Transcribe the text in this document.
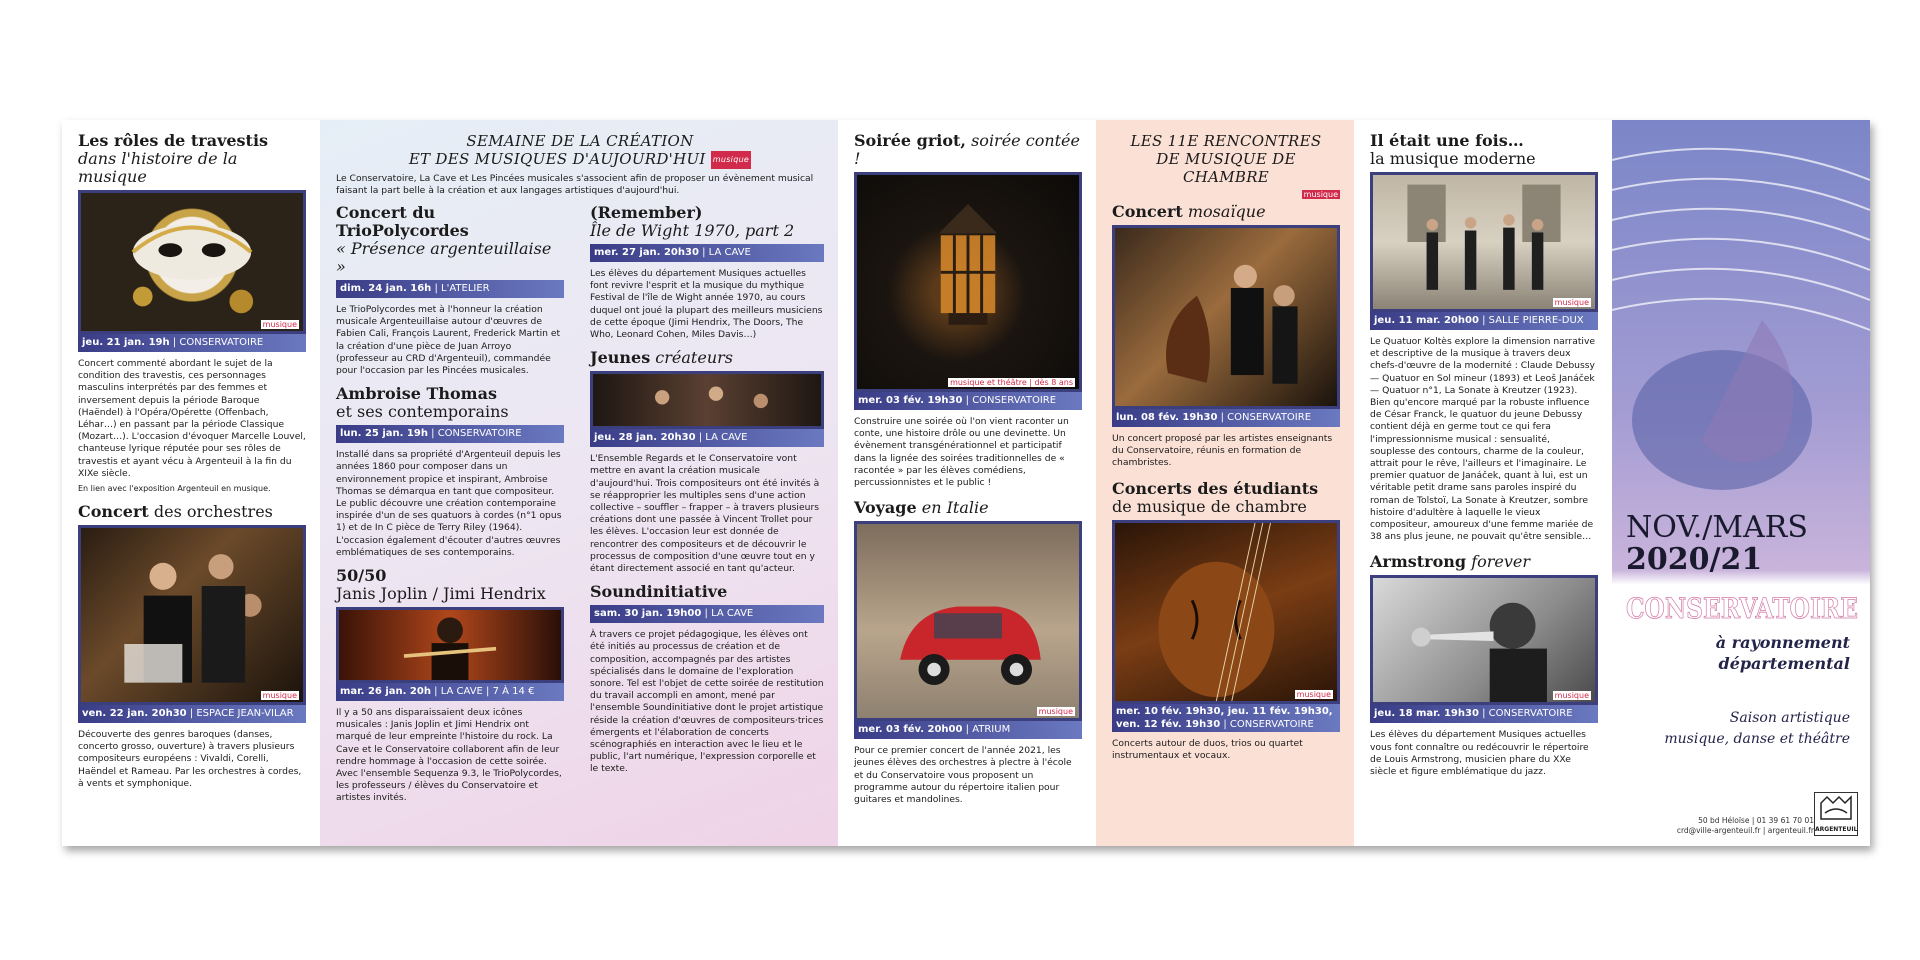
Les rôles de travestis
dans l'histoire de la musique
musique
jeu. 21 jan. 19h | CONSERVATOIRE

Concert commenté abordant le sujet de la condition des travestis, ces personnages masculins interprétés par des femmes et inversement depuis la période Baroque (Haëndel) à l'Opéra/Opérette (Offenbach, Léhar…) en passant par la période Classique (Mozart…). L'occasion d'évoquer Marcelle Louvel, chanteuse lyrique réputée pour ses rôles de travestis et ayant vécu à Argenteuil à la fin du XIXe siècle.

En lien avec l'exposition Argenteuil en musique.

Concert des orchestres
musique
ven. 22 jan. 20h30 | ESPACE JEAN-VILAR

Découverte des genres baroques (danses, concerto grosso, ouverture) à travers plusieurs compositeurs européens : Vivaldi, Corelli, Haëndel et Rameau. Par les orchestres à cordes, à vents et symphonique.

SEMAINE DE LA CRÉATION
ET DES MUSIQUES D'AUJOURD'HUI musique

Le Conservatoire, La Cave et Les Pincées musicales s'associent afin de proposer un évènement musical faisant la part belle à la création et aux langages artistiques d'aujourd'hui.

Concert du TrioPolycordes
« Présence argenteuillaise »
dim. 24 jan. 16h | L'ATELIER

Le TrioPolycordes met à l'honneur la création musicale Argenteuillaise autour d'œuvres de Fabien Cali, François Laurent, Frederick Martin et la création d'une pièce de Juan Arroyo (professeur au CRD d'Argenteuil), commandée pour l'occasion par les Pincées musicales.

Ambroise Thomas
et ses contemporains
lun. 25 jan. 19h | CONSERVATOIRE

Installé dans sa propriété d'Argenteuil depuis les années 1860 pour composer dans un environnement propice et inspirant, Ambroise Thomas se démarqua en tant que compositeur. Le public découvre une création contemporaine inspirée d'un de ses quatuors à cordes (n°1 opus 1) et de In C pièce de Terry Riley (1964). L'occasion également d'écouter d'autres œuvres emblématiques de ses contemporains.

50/50
Janis Joplin / Jimi Hendrix
mar. 26 jan. 20h | LA CAVE | 7 À 14 €

Il y a 50 ans disparaissaient deux icônes musicales : Janis Joplin et Jimi Hendrix ont marqué de leur empreinte l'histoire du rock. La Cave et le Conservatoire collaborent afin de leur rendre hommage à l'occasion de cette soirée. Avec l'ensemble Sequenza 9.3, le TrioPolycordes, les professeurs / élèves du Conservatoire et artistes invités.

(Remember)
Île de Wight 1970, part 2
mer. 27 jan. 20h30 | LA CAVE

Les élèves du département Musiques actuelles font revivre l'esprit et la musique du mythique Festival de l'île de Wight année 1970, au cours duquel ont joué la plupart des meilleurs musiciens de cette époque (Jimi Hendrix, The Doors, The Who, Leonard Cohen, Miles Davis…)

Jeunes créateurs
jeu. 28 jan. 20h30 | LA CAVE

L'Ensemble Regards et le Conservatoire vont mettre en avant la création musicale d'aujourd'hui. Trois compositeurs ont été invités à se réapproprier les multiples sens d'une action collective – souffler – frapper – à travers plusieurs créations dont une passée à Vincent Trollet pour les élèves. L'occasion leur est donnée de rencontrer des compositeurs et de découvrir le processus de composition d'une œuvre tout en y étant directement associé en tant qu'acteur.

Soundinitiative
sam. 30 jan. 19h00 | LA CAVE

À travers ce projet pédagogique, les élèves ont été initiés au processus de création et de composition, accompagnés par des artistes spécialisés dans le domaine de l'exploration sonore. Tel est l'objet de cette soirée de restitution du travail accompli en amont, mené par l'ensemble Soundinitiative dont le projet artistique réside la création d'œuvres de compositeurs·trices émergents et l'élaboration de concerts scénographiés en interaction avec le lieu et le public, l'art numérique, l'expression corporelle et le texte.

Soirée griot, soirée contée !
musique et théâtre | dès 8 ans
mer. 03 fév. 19h30 | CONSERVATOIRE

Construire une soirée où l'on vient raconter un conte, une histoire drôle ou une devinette. Un évènement transgénérationnel et participatif dans la lignée des soirées traditionnelles de « racontée » par les élèves comédiens, percussionnistes et le public !

Voyage en Italie
musique
mer. 03 fév. 20h00 | ATRIUM

Pour ce premier concert de l'année 2021, les jeunes élèves des orchestres à plectre à l'école et du Conservatoire vous proposent un programme autour du répertoire italien pour guitares et mandolines.

LES 11E RENCONTRES
DE MUSIQUE DE CHAMBRE
musique
Concert mosaïque
lun. 08 fév. 19h30 | CONSERVATOIRE

Un concert proposé par les artistes enseignants du Conservatoire, réunis en formation de chambristes.

Concerts des étudiants
de musique de chambre
musique
mer. 10 fév. 19h30, jeu. 11 fév. 19h30,
ven. 12 fév. 19h30 | CONSERVATOIRE

Concerts autour de duos, trios ou quartet instrumentaux et vocaux.

Il était une fois…
la musique moderne
musique
jeu. 11 mar. 20h00 | SALLE PIERRE-DUX

Le Quatuor Koltès explore la dimension narrative et descriptive de la musique à travers deux chefs-d'œuvre de la modernité : Claude Debussy — Quatuor en Sol mineur (1893) et Leoš Janáček — Quatuor n°1, La Sonate à Kreutzer (1923). Bien qu'encore marqué par la robuste influence de César Franck, le quatuor du jeune Debussy contient déjà en germe tout ce qui fera l'impressionnisme musical : sensualité, souplesse des contours, charme de la couleur, attrait pour le rêve, l'ailleurs et l'imaginaire. Le premier quatuor de Janáček, quant à lui, est un véritable petit drame sans paroles inspiré du roman de Tolstoï, La Sonate à Kreutzer, sombre histoire d'adultère à laquelle le vieux compositeur, amoureux d'une femme mariée de 38 ans plus jeune, ne pouvait qu'être sensible…

Armstrong forever
musique
jeu. 18 mar. 19h30 | CONSERVATOIRE

Les élèves du département Musiques actuelles vous font connaître ou redécouvrir le répertoire de Louis Armstrong, musicien phare du XXe siècle et figure emblématique du jazz.

NOV./MARS
2020/21
CONSERVATOIRE
à rayonnement
départemental
Saison artistique
musique, danse et théâtre
50 bd Héloïse | 01 39 61 70 01
crd@ville-argenteuil.fr | argenteuil.fr ARGENTEUIL
